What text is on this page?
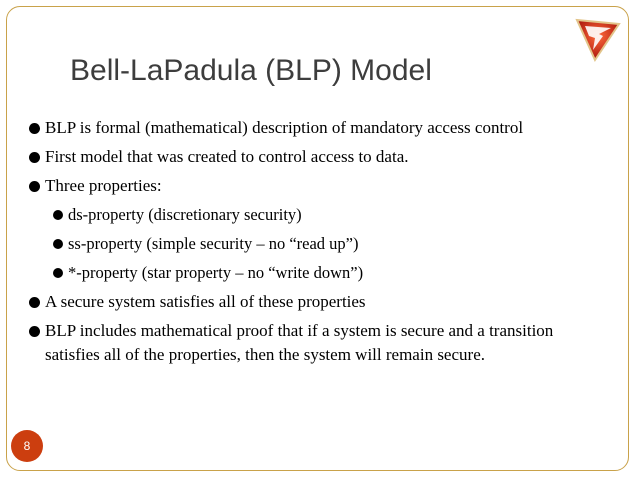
Bell-LaPadula (BLP) Model
BLP is formal (mathematical) description of mandatory access control
First model that was created to control access to data.
Three properties:
ds-property (discretionary security)
ss-property (simple security – no “read up”)
*-property (star property – no “write down”)
A secure system satisfies all of these properties
BLP includes mathematical proof that if a system is secure and a transition satisfies all of the properties, then the system will remain secure.
8
